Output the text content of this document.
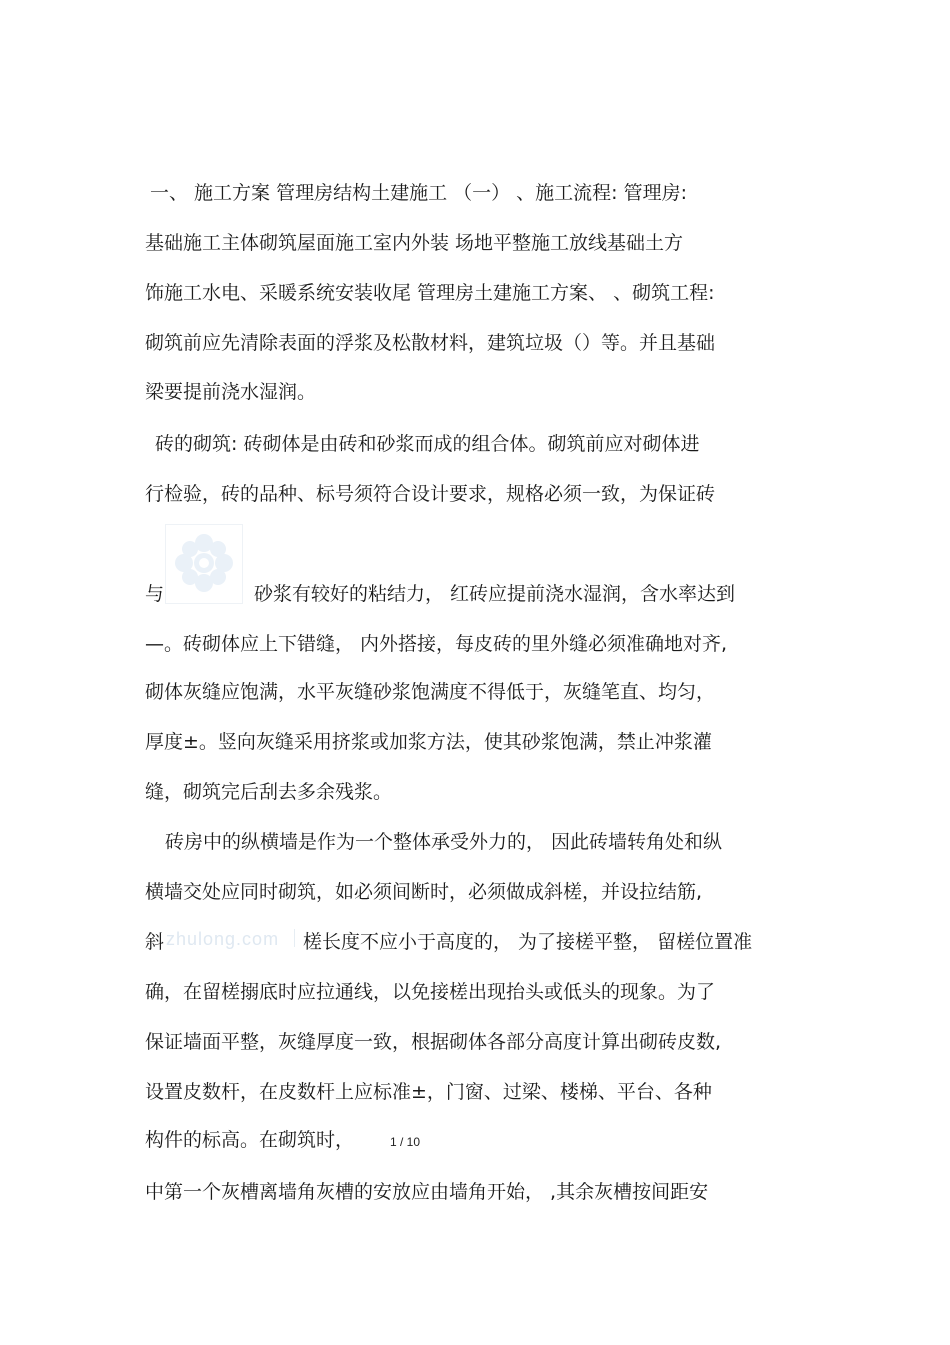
一、 施工方案 管理房结构土建施工 （一） 、施工流程: 管理房:
基础施工主体砌筑屋面施工室内外装 场地平整施工放线基础土方
饰施工水电、采暖系统安装收尾 管理房土建施工方案、 、砌筑工程:
砌筑前应先清除表面的浮浆及松散材料，建筑垃圾（）等。并且基础
梁要提前浇水湿润。
砖的砌筑: 砖砌体是由砖和砂浆而成的组合体。砌筑前应对砌体进
行检验，砖的品种、标号须符合设计要求，规格必须一致，为保证砖
与	砂浆有较好的粘结力， 红砖应提前浇水湿润，含水率达到
—。砖砌体应上下错缝， 内外搭接，每皮砖的里外缝必须准确地对齐,
砌体灰缝应饱满，水平灰缝砂浆饱满度不得低于，灰缝笔直、均匀，
厚度±。竖向灰缝采用挤浆或加浆方法，使其砂浆饱满，禁止冲浆灌
缝，砌筑完后刮去多余残浆。
砖房中的纵横墙是作为一个整体承受外力的， 因此砖墙转角处和纵
横墙交处应同时砌筑，如必须间断时，必须做成斜槎，并设拉结筋,
斜 zhulong.com 槎长度不应小于高度的， 为了接槎平整， 留槎位置准
确，在留槎搦底时应拉通线，以免接槎出现抬头或低头的现象。为了
保证墙面平整，灰缝厚度一致，根据砌体各部分高度计算出砌砖皮数,
设置皮数杆，在皮数杆上应标准±，门窗、过梁、楼梯、平台、各种
构件的标高。在砌筑时，	1 / 10
中第一个灰槽离墙角灰槽的安放应由墙角开始， ,其余灰槽按间距安
